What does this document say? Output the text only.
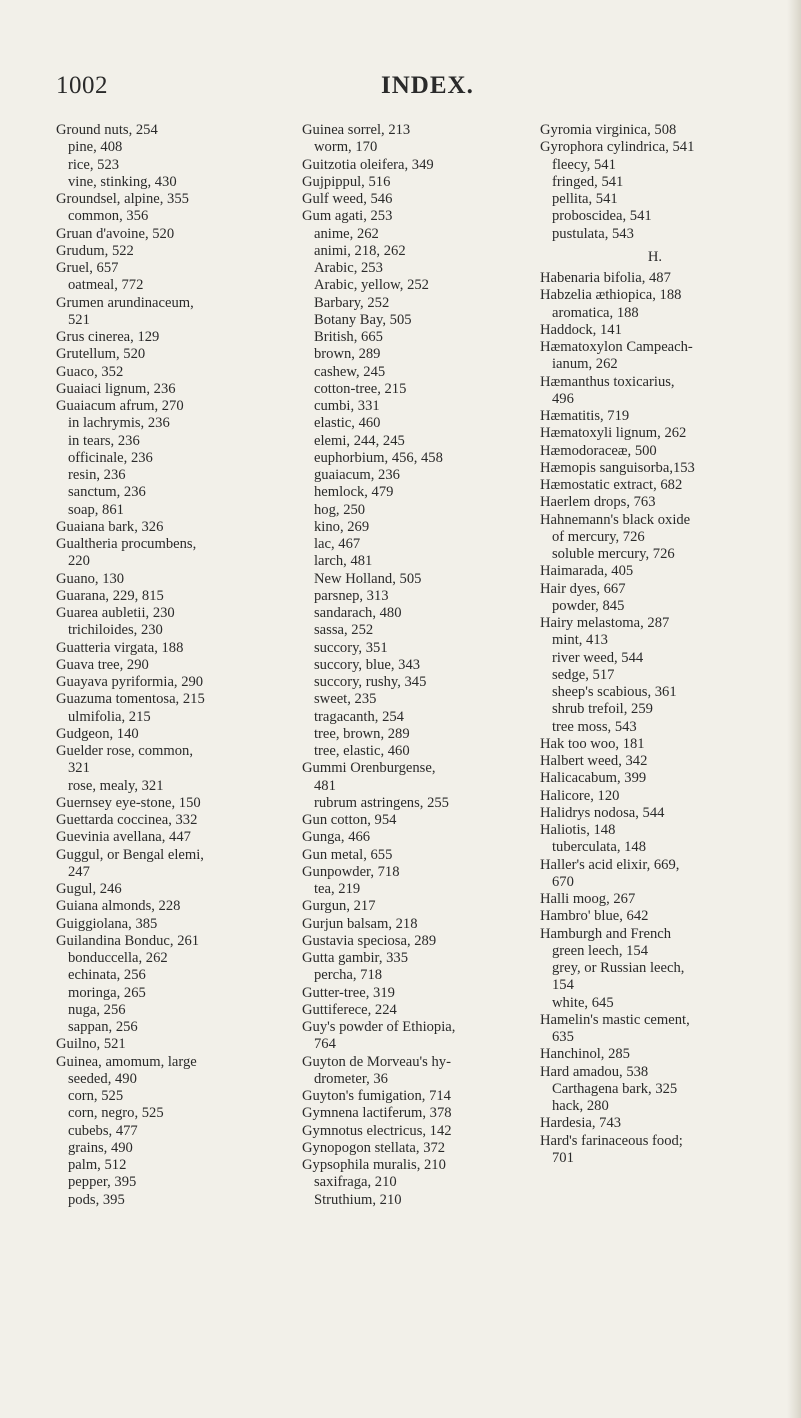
1002	INDEX.
Ground nuts, 254
pine, 408
rice, 523
vine, stinking, 430
Groundsel, alpine, 355
common, 356
Gruan d'avoine, 520
Grudum, 522
Gruel, 657
oatmeal, 772
Grumen arundinaceum,
521
Grus cinerea, 129
Grutellum, 520
Guaco, 352
Guaiaci lignum, 236
Guaiacum afrum, 270
in lachrymis, 236
in tears, 236
officinale, 236
resin, 236
sanctum, 236
soap, 861
Guaiana bark, 326
Gualtheria procumbens,
220
Guano, 130
Guarana, 229, 815
Guarea aubletii, 230
trichiloides, 230
Guatteria virgata, 188
Guava tree, 290
Guayava pyriformia, 290
Guazuma tomentosa, 215
ulmifolia, 215
Gudgeon, 140
Guelder rose, common,
321
rose, mealy, 321
Guernsey eye-stone, 150
Guettarda coccinea, 332
Guevinia avellana, 447
Guggul, or Bengal elemi,
247
Gugul, 246
Guiana almonds, 228
Guiggiolana, 385
Guilandina Bonduc, 261
bonduccella, 262
echinata, 256
moringa, 265
nuga, 256
sappan, 256
Guilno, 521
Guinea, amomum, large
seeded, 490
corn, 525
corn, negro, 525
cubebs, 477
grains, 490
palm, 512
pepper, 395
pods, 395
Guinea sorrel, 213
worm, 170
Guitzotia oleifera, 349
Gujpippul, 516
Gulf weed, 546
Gum agati, 253
anime, 262
animi, 218, 262
Arabic, 253
Arabic, yellow, 252
Barbary, 252
Botany Bay, 505
British, 665
brown, 289
cashew, 245
cotton-tree, 215
cumbi, 331
elastic, 460
elemi, 244, 245
euphorbium, 456, 458
guaiacum, 236
hemlock, 479
hog, 250
kino, 269
lac, 467
larch, 481
New Holland, 505
parsnep, 313
sandarach, 480
sassa, 252
succory, 351
succory, blue, 343
succory, rushy, 345
sweet, 235
tragacanth, 254
tree, brown, 289
tree, elastic, 460
Gummi Orenburgense,
481
rubrum astringens, 255
Gun cotton, 954
Gunga, 466
Gun metal, 655
Gunpowder, 718
tea, 219
Gurgun, 217
Gurjun balsam, 218
Gustavia speciosa, 289
Gutta gambir, 335
percha, 718
Gutter-tree, 319
Guttiferece, 224
Guy's powder of Ethiopia,
764
Guyton de Morveau's hy-
drometer, 36
Guyton's fumigation, 714
Gymnena lactiferum, 378
Gymnotus electricus, 142
Gynopogon stellata, 372
Gypsophila muralis, 210
saxifraga, 210
Struthium, 210
Gyromia virginica, 508
Gyrophora cylindrica, 541
fleecy, 541
fringed, 541
pellita, 541
proboscidea, 541
pustulata, 543
H.
Habenaria bifolia, 487
Habzelia æthiopica, 188
aromatica, 188
Haddock, 141
Hæmatoxylon Campeach-
ianum, 262
Hæmanthus toxicarius,
496
Hæmatitis, 719
Hæmatoxyli lignum, 262
Hæmodoraceæ, 500
Hæmopis sanguisorba,153
Hæmostatic extract, 682
Haerlem drops, 763
Hahnemann's black oxide
of mercury, 726
soluble mercury, 726
Haimarada, 405
Hair dyes, 667
powder, 845
Hairy melastoma, 287
mint, 413
river weed, 544
sedge, 517
sheep's scabious, 361
shrub trefoil, 259
tree moss, 543
Hak too woo, 181
Halbert weed, 342
Halicacabum, 399
Halicore, 120
Halidrys nodosa, 544
Haliotis, 148
tuberculata, 148
Haller's acid elixir, 669,
670
Halli moog, 267
Hambro' blue, 642
Hamburgh and French
green leech, 154
grey, or Russian leech,
154
white, 645
Hamelin's mastic cement,
635
Hanchinol, 285
Hard amadou, 538
Carthagena bark, 325
hack, 280
Hardesia, 743
Hard's farinaceous food;
701
